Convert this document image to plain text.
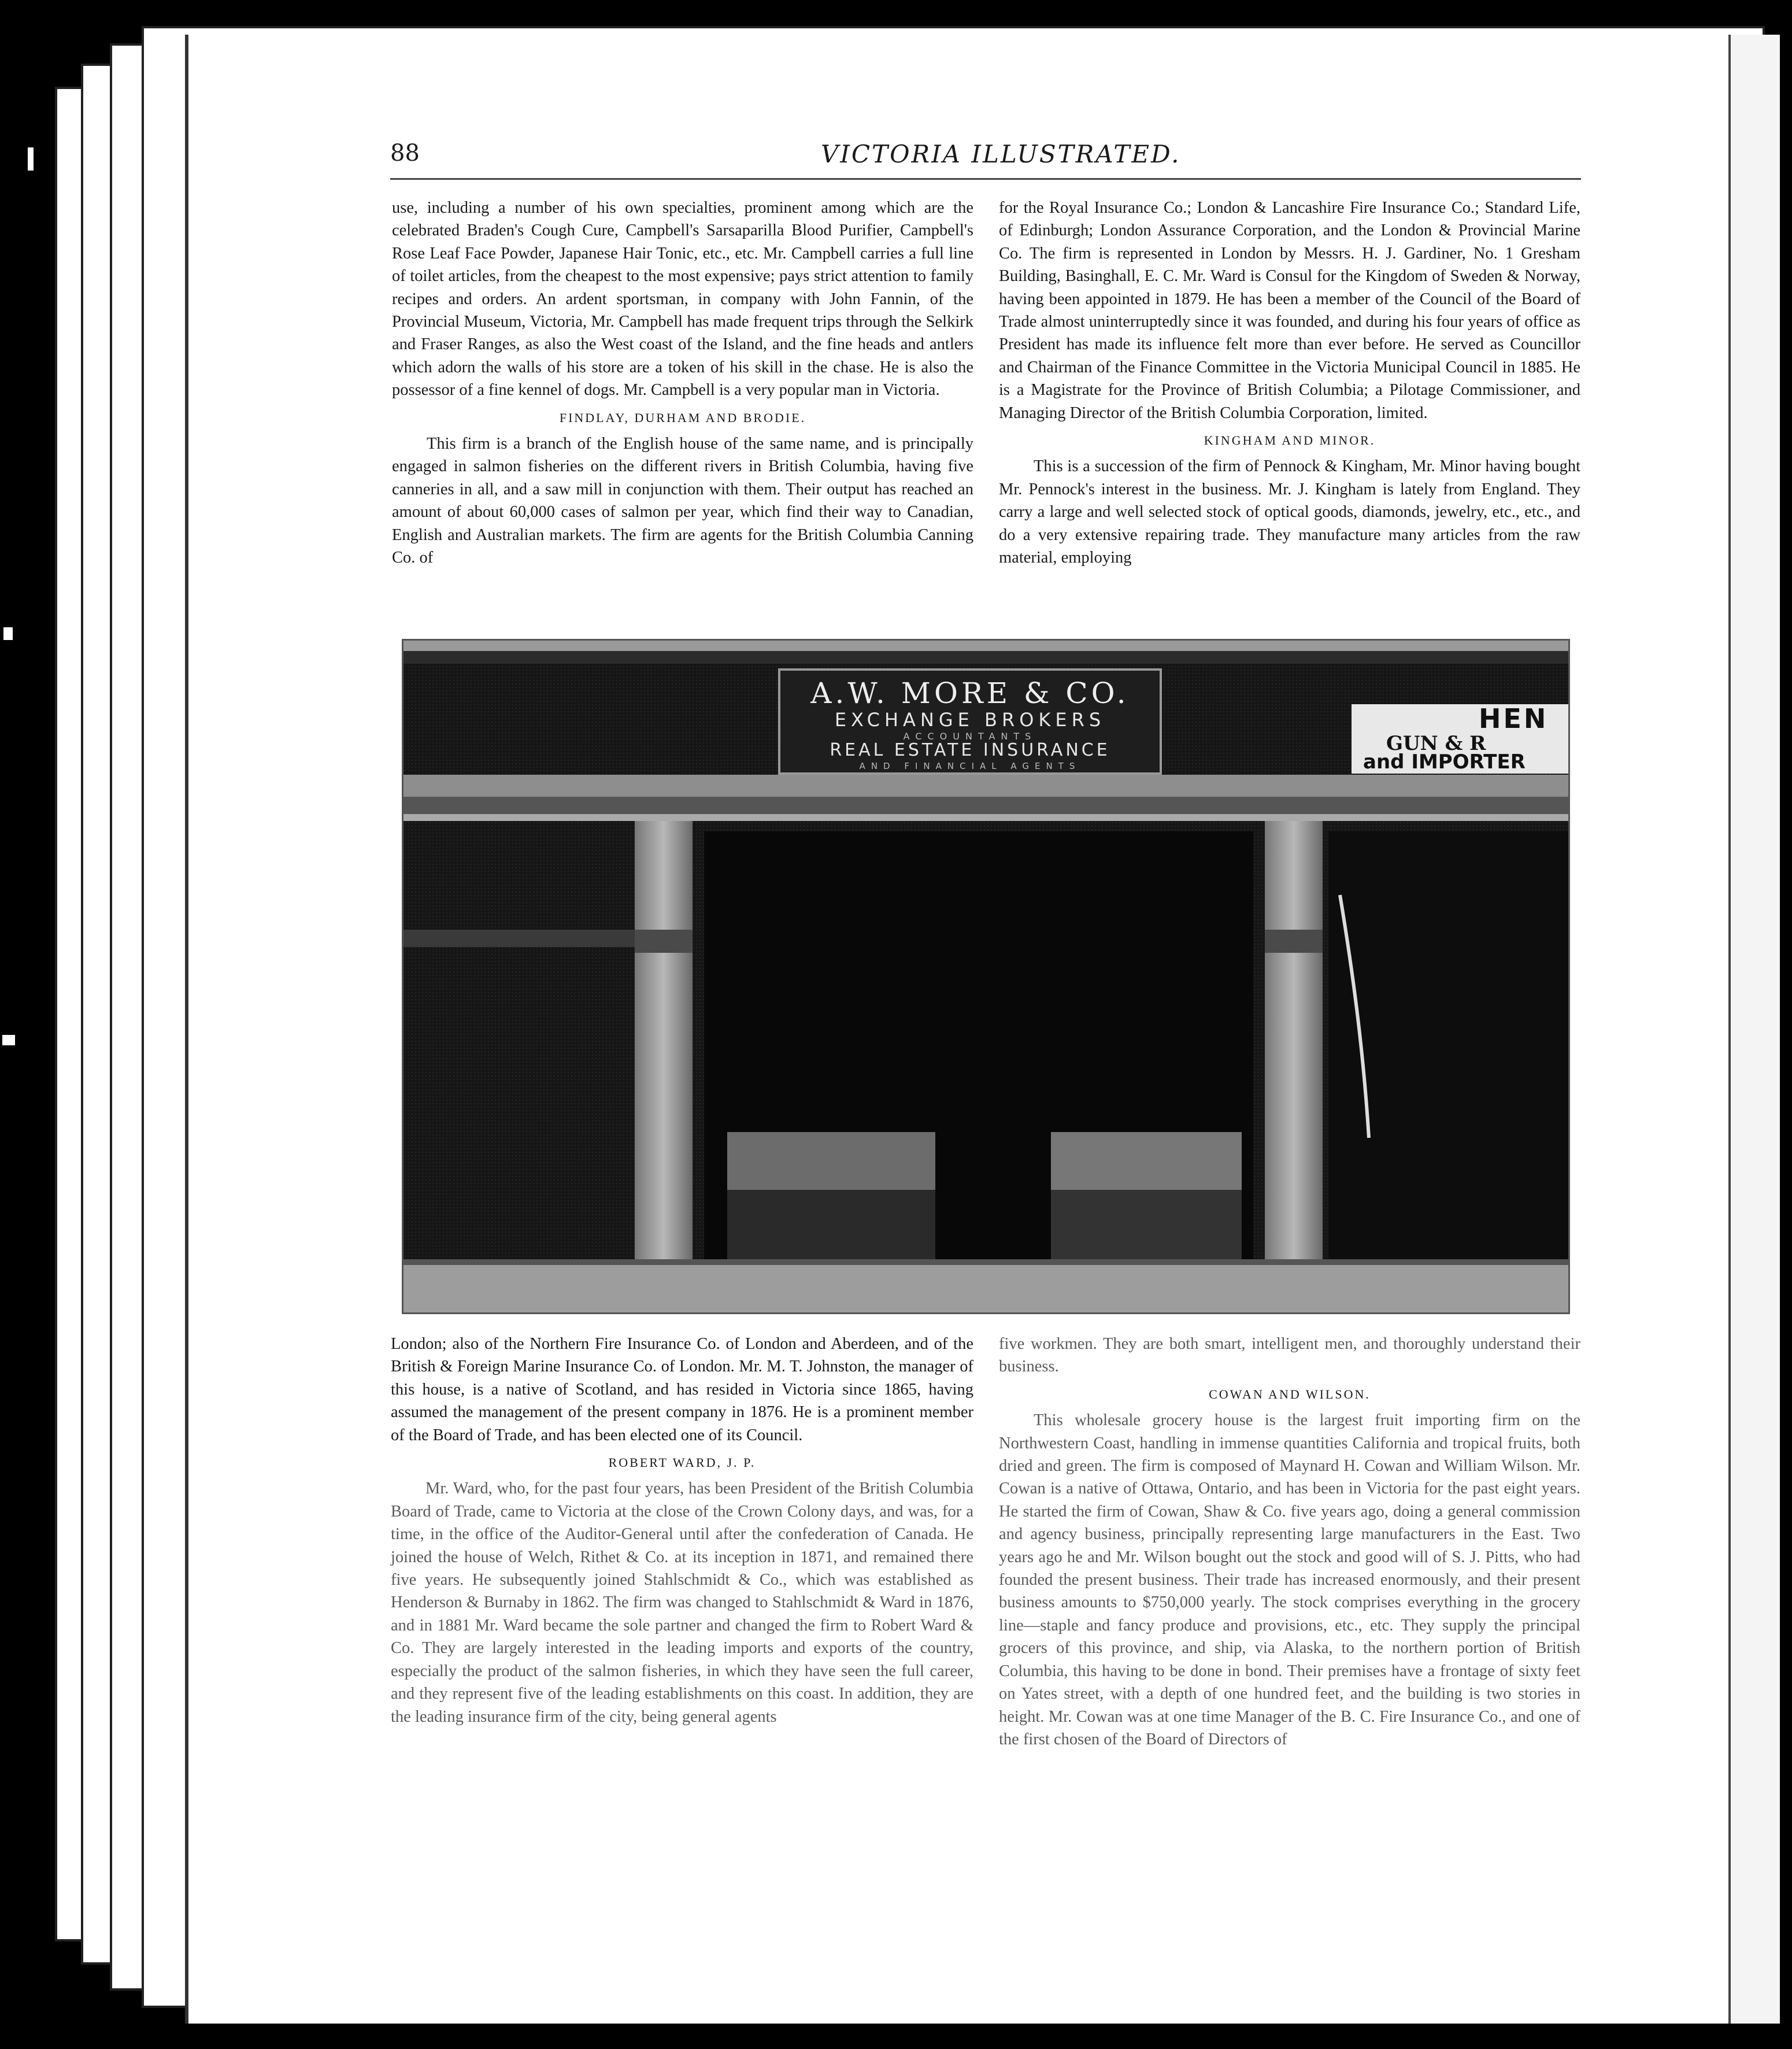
88	VICTORIA ILLUSTRATED.

use, including a number of his own specialties, prominent among which are the celebrated Braden's Cough Cure, Campbell's Sarsaparilla Blood Purifier, Campbell's Rose Leaf Face Powder, Japanese Hair Tonic, etc., etc. Mr. Campbell carries a full line of toilet articles, from the cheapest to the most expensive; pays strict attention to family recipes and orders. An ardent sportsman, in company with John Fannin, of the Provincial Museum, Victoria, Mr. Campbell has made frequent trips through the Selkirk and Fraser Ranges, as also the West coast of the Island, and the fine heads and antlers which adorn the walls of his store are a token of his skill in the chase. He is also the possessor of a fine kennel of dogs. Mr. Campbell is a very popular man in Victoria.

FINDLAY, DURHAM AND BRODIE.

This firm is a branch of the English house of the same name, and is principally engaged in salmon fisheries on the different rivers in British Columbia, having five canneries in all, and a saw mill in conjunction with them. Their output has reached an amount of about 60,000 cases of salmon per year, which find their way to Canadian, English and Australian markets. The firm are agents for the British Columbia Canning Co. of

for the Royal Insurance Co.; London & Lancashire Fire Insurance Co.; Standard Life, of Edinburgh; London Assurance Corporation, and the London & Provincial Marine Co. The firm is represented in London by Messrs. H. J. Gardiner, No. 1 Gresham Building, Basinghall, E. C. Mr. Ward is Consul for the Kingdom of Sweden & Norway, having been appointed in 1879. He has been a member of the Council of the Board of Trade almost uninterruptedly since it was founded, and during his four years of office as President has made its influence felt more than ever before. He served as Councillor and Chairman of the Finance Committee in the Victoria Municipal Council in 1885. He is a Magistrate for the Province of British Columbia; a Pilotage Commissioner, and Managing Director of the British Columbia Corporation, limited.

KINGHAM AND MINOR.

This is a succession of the firm of Pennock & Kingham, Mr. Minor having bought Mr. Pennock's interest in the business. Mr. J. Kingham is lately from England. They carry a large and well selected stock of optical goods, diamonds, jewelry, etc., etc., and do a very extensive repairing trade. They manufacture many articles from the raw material, employing

A.W. MORE & CO.
EXCHANGE BROKERS
ACCOUNTANTS
REAL ESTATE INSURANCE
AND FINANCIAL AGENTS
HEN
GUN & R
and IMPORTER

London; also of the Northern Fire Insurance Co. of London and Aberdeen, and of the British & Foreign Marine Insurance Co. of London. Mr. M. T. Johnston, the manager of this house, is a native of Scotland, and has resided in Victoria since 1865, having assumed the management of the present company in 1876. He is a prominent member of the Board of Trade, and has been elected one of its Council.

ROBERT WARD, J. P.

Mr. Ward, who, for the past four years, has been President of the British Columbia Board of Trade, came to Victoria at the close of the Crown Colony days, and was, for a time, in the office of the Auditor-General until after the confederation of Canada. He joined the house of Welch, Rithet & Co. at its inception in 1871, and remained there five years. He subsequently joined Stahlschmidt & Co., which was established as Henderson & Burnaby in 1862. The firm was changed to Stahlschmidt & Ward in 1876, and in 1881 Mr. Ward became the sole partner and changed the firm to Robert Ward & Co. They are largely interested in the leading imports and exports of the country, especially the product of the salmon fisheries, in which they have seen the full career, and they represent five of the leading establishments on this coast. In addition, they are the leading insurance firm of the city, being general agents

five workmen. They are both smart, intelligent men, and thoroughly understand their business.

COWAN AND WILSON.

This wholesale grocery house is the largest fruit importing firm on the Northwestern Coast, handling in immense quantities California and tropical fruits, both dried and green. The firm is composed of Maynard H. Cowan and William Wilson. Mr. Cowan is a native of Ottawa, Ontario, and has been in Victoria for the past eight years. He started the firm of Cowan, Shaw & Co. five years ago, doing a general commission and agency business, principally representing large manufacturers in the East. Two years ago he and Mr. Wilson bought out the stock and good will of S. J. Pitts, who had founded the present business. Their trade has increased enormously, and their present business amounts to $750,000 yearly. The stock comprises everything in the grocery line—staple and fancy produce and provisions, etc., etc. They supply the principal grocers of this province, and ship, via Alaska, to the northern portion of British Columbia, this having to be done in bond. Their premises have a frontage of sixty feet on Yates street, with a depth of one hundred feet, and the building is two stories in height. Mr. Cowan was at one time Manager of the B. C. Fire Insurance Co., and one of the first chosen of the Board of Directors of
